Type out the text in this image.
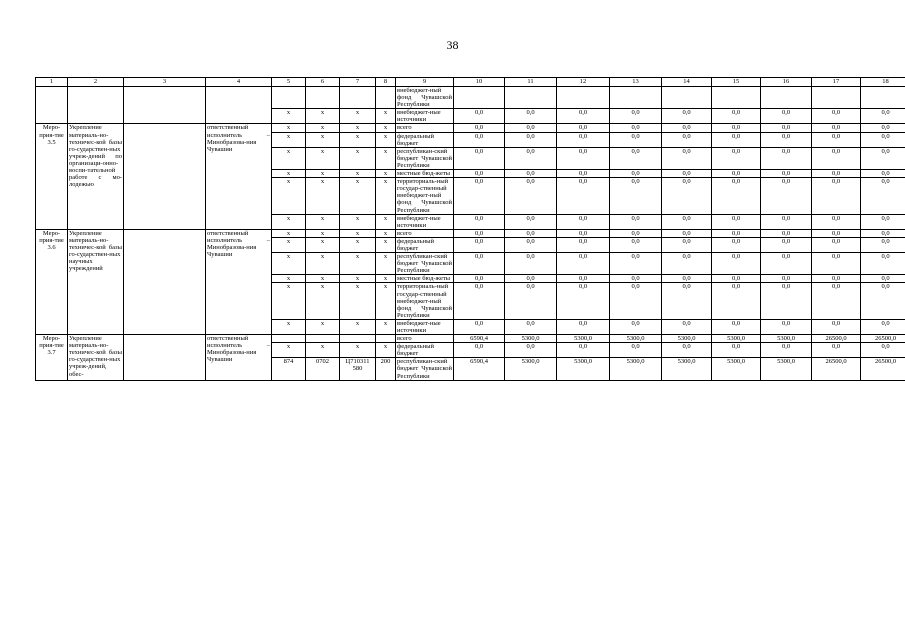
38
1	2	3	4	5	6	7	8	9	10	11	12	13	14	15	16	17	18
								внебюджет-ный фонд Чувашской Республики									
				x	x	x	x	внебюджет-ные источники	0,0	0,0	0,0	0,0	0,0	0,0	0,0	0,0	0,0
Меро-прия-тие 3.5	Укрепление материаль-но-техничес-кой базы го-сударствен-ных учреж-дений по организаци-онно-воспи-тательной работе с мо-лодежью		ответственный исполнитель – Минобразова-ния Чувашии	x	x	x	x	всего	0,0	0,0	0,0	0,0	0,0	0,0	0,0	0,0	0,0
				x	x	x	x	федеральный бюджет	0,0	0,0	0,0	0,0	0,0	0,0	0,0	0,0	0,0
				x	x	x	x	республикан-ский бюджет Чувашской Республики	0,0	0,0	0,0	0,0	0,0	0,0	0,0	0,0	0,0
				x	x	x	x	местные бюд-жеты	0,0	0,0	0,0	0,0	0,0	0,0	0,0	0,0	0,0
				x	x	x	x	территориаль-ный государ-ственный внебюджет-ный фонд Чувашской Республики	0,0	0,0	0,0	0,0	0,0	0,0	0,0	0,0	0,0
				x	x	x	x	внебюджет-ные источники	0,0	0,0	0,0	0,0	0,0	0,0	0,0	0,0	0,0
Меро-прия-тие 3.6	Укрепление материаль-но-техничес-кой базы го-сударствен-ных научных учреждений		ответственный исполнитель – Минобразова-ния Чувашии	x	x	x	x	всего	0,0	0,0	0,0	0,0	0,0	0,0	0,0	0,0	0,0
				x	x	x	x	федеральный бюджет	0,0	0,0	0,0	0,0	0,0	0,0	0,0	0,0	0,0
				x	x	x	x	республикан-ский бюджет Чувашской Республики	0,0	0,0	0,0	0,0	0,0	0,0	0,0	0,0	0,0
				x	x	x	x	местные бюд-жеты	0,0	0,0	0,0	0,0	0,0	0,0	0,0	0,0	0,0
				x	x	x	x	территориаль-ный государ-ственный внебюджет-ный фонд Чувашской Республики	0,0	0,0	0,0	0,0	0,0	0,0	0,0	0,0	0,0
				x	x	x	x	внебюджет-ные источники	0,0	0,0	0,0	0,0	0,0	0,0	0,0	0,0	0,0
Меро-прия-тие 3.7	Укрепление материаль-но-техничес-кой базы го-сударствен-ных учреж-дений, обес-		ответственный исполнитель – Минобразова-ния Чувашии					всего	6590,4	5300,0	5300,0	5300,0	5300,0	5300,0	5300,0	26500,0	26500,0
				x	x	x	x	федеральный бюджет	0,0	0,0	0,0	0,0	0,0	0,0	0,0	0,0	0,0
				874	0702	Ц710311 580	200	республикан-ский бюджет Чувашской Республики	6590,4	5300,0	5300,0	5300,0	5300,0	5300,0	5300,0	26500,0	26500,0
